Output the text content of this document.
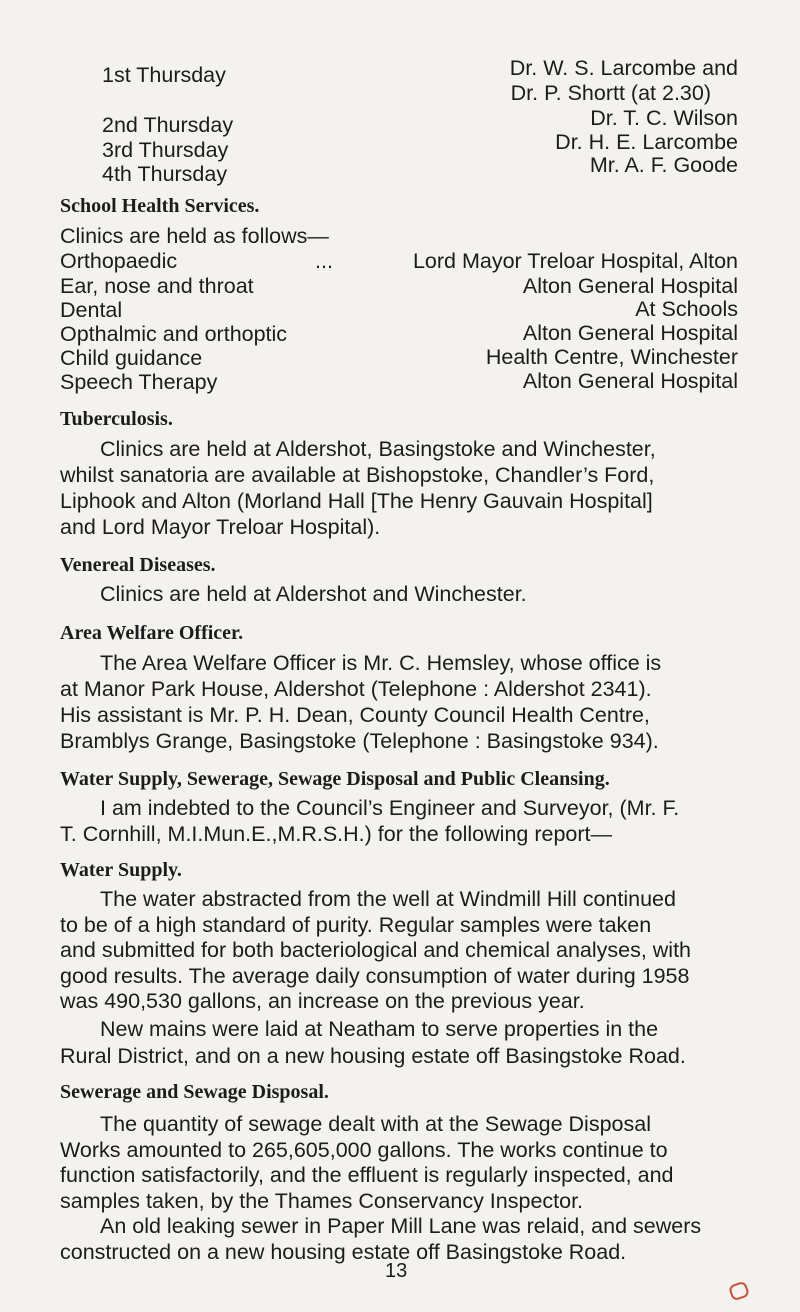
1st Thursday	Dr. W. S. Larcombe and
Dr. P. Shortt (at 2.30)
2nd Thursday	Dr. T. C. Wilson
3rd Thursday	Dr. H. E. Larcombe
4th Thursday	Mr. A. F. Goode
School Health Services.
Clinics are held as follows—
Orthopaedic	...	Lord Mayor Treloar Hospital, Alton
Ear, nose and throat	Alton General Hospital
Dental	At Schools
Opthalmic and orthoptic	Alton General Hospital
Child guidance	Health Centre, Winchester
Speech Therapy	Alton General Hospital
Tuberculosis.
Clinics are held at Aldershot, Basingstoke and Winchester,
whilst sanatoria are available at Bishopstoke, Chandler’s Ford,
Liphook and Alton (Morland Hall [The Henry Gauvain Hospital]
and Lord Mayor Treloar Hospital).
Venereal Diseases.
Clinics are held at Aldershot and Winchester.
Area Welfare Officer.
The Area Welfare Officer is Mr. C. Hemsley, whose office is
at Manor Park House, Aldershot (Telephone : Aldershot 2341).
His assistant is Mr. P. H. Dean, County Council Health Centre,
Bramblys Grange, Basingstoke (Telephone : Basingstoke 934).
Water Supply, Sewerage, Sewage Disposal and Public Cleansing.
I am indebted to the Council’s Engineer and Surveyor, (Mr. F.
T. Cornhill, M.I.Mun.E.,M.R.S.H.) for the following report—
Water Supply.
The water abstracted from the well at Windmill Hill continued
to be of a high standard of purity. Regular samples were taken
and submitted for both bacteriological and chemical analyses, with
good results. The average daily consumption of water during 1958
was 490,530 gallons, an increase on the previous year.
New mains were laid at Neatham to serve properties in the
Rural District, and on a new housing estate off Basingstoke Road.
Sewerage and Sewage Disposal.
The quantity of sewage dealt with at the Sewage Disposal
Works amounted to 265,605,000 gallons. The works continue to
function satisfactorily, and the effluent is regularly inspected, and
samples taken, by the Thames Conservancy Inspector.
An old leaking sewer in Paper Mill Lane was relaid, and sewers
constructed on a new housing estate off Basingstoke Road.
13
